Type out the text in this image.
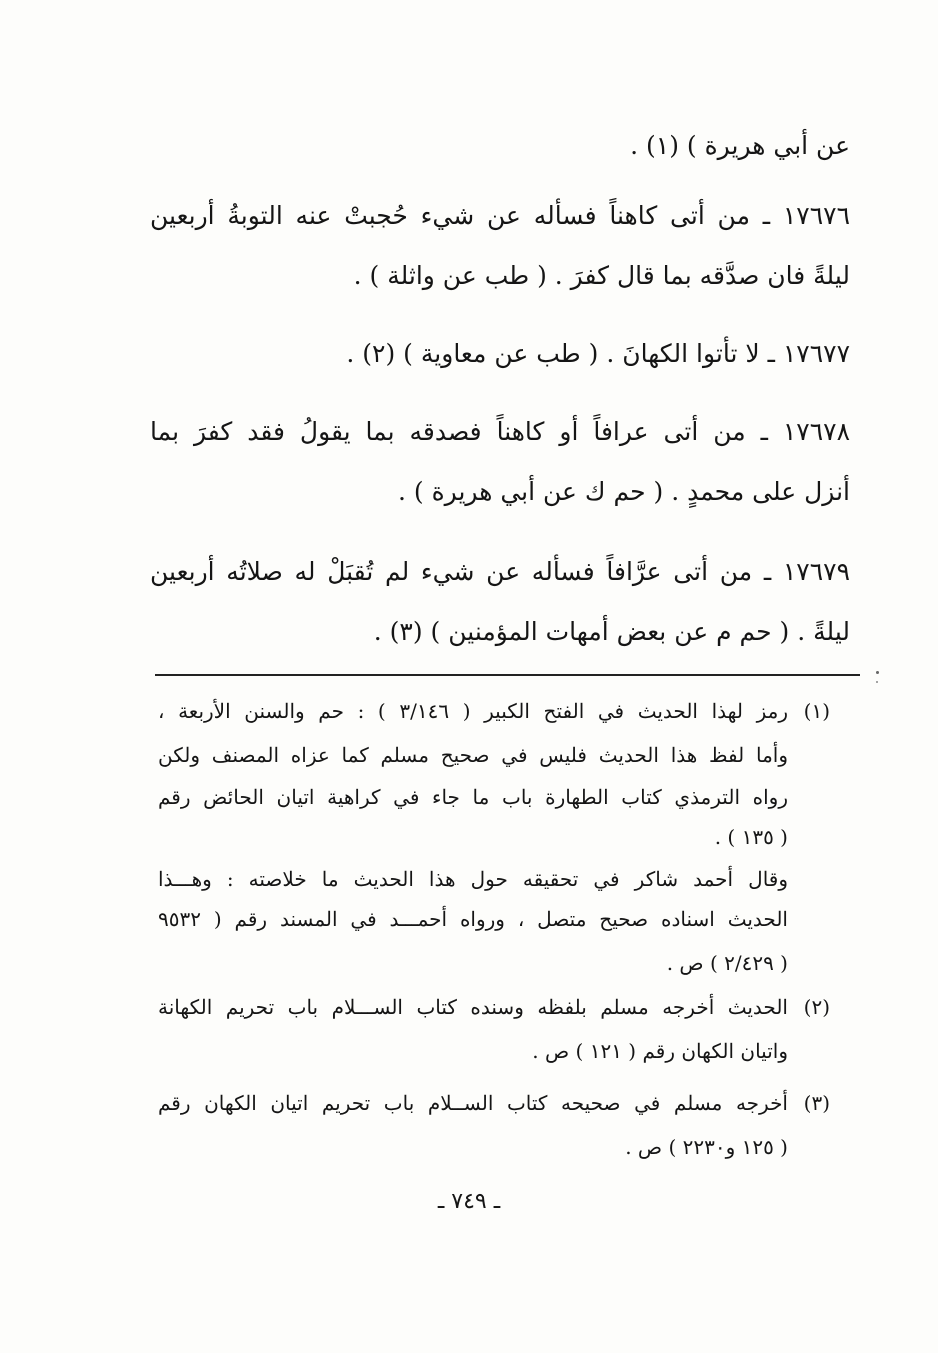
عن أبي هريرة ) (١) .
١٧٦٧٦ ـ من أتى كاهناً فسأله عن شيء حُجبتْ عنه التوبةُ أربعين
ليلةً فان صدَّقه بما قال كفرَ . ( طب عن واثلة ) .
١٧٦٧٧ ـ لا تأتوا الكهانَ . ( طب عن معاوية ) (٢) .
١٧٦٧٨ ـ من أتى عرافاً أو كاهناً فصدقه بما يقولُ فقد كفرَ بما
أنزل على محمدٍ . ( حم ك عن أبي هريرة ) .
١٧٦٧٩ ـ من أتى عرَّافاً فسأله عن شيء لم تُقبَلْ له صلاتُه أربعين
ليلةً . ( حم م عن بعض أمهات المؤمنين ) (٣) .
(١)
رمز لهذا الحديث في الفتح الكبير ( ٣/١٤٦ ) : حم والسنن الأربعة ،
وأما لفظ هذا الحديث فليس في صحيح مسلم كما عزاه المصنف ولكن
رواه الترمذي كتاب الطهارة باب ما جاء في كراهية اتيان الحائض رقم
( ١٣٥ ) .
وقال أحمد شاكر في تحقيقه حول هذا الحديث ما خلاصته : وهـــذا
الحديث اسناده صحيح متصل ، ورواه أحمـــد في المسند رقم ( ٩٥٣٢
( ٢/٤٢٩ ) ص .
(٢)
الحديث أخرجه مسلم بلفظه وسنده كتاب الســـلام باب تحريم الكهانة
واتيان الكهان رقم ( ١٢١ ) ص .
(٣)
أخرجه مسلم في صحيحه كتاب الســلام باب تحريم اتيان الكهان رقم
( ١٢٥ و٢٢٣٠ ) ص .
ـ ٧٤٩ ـ
